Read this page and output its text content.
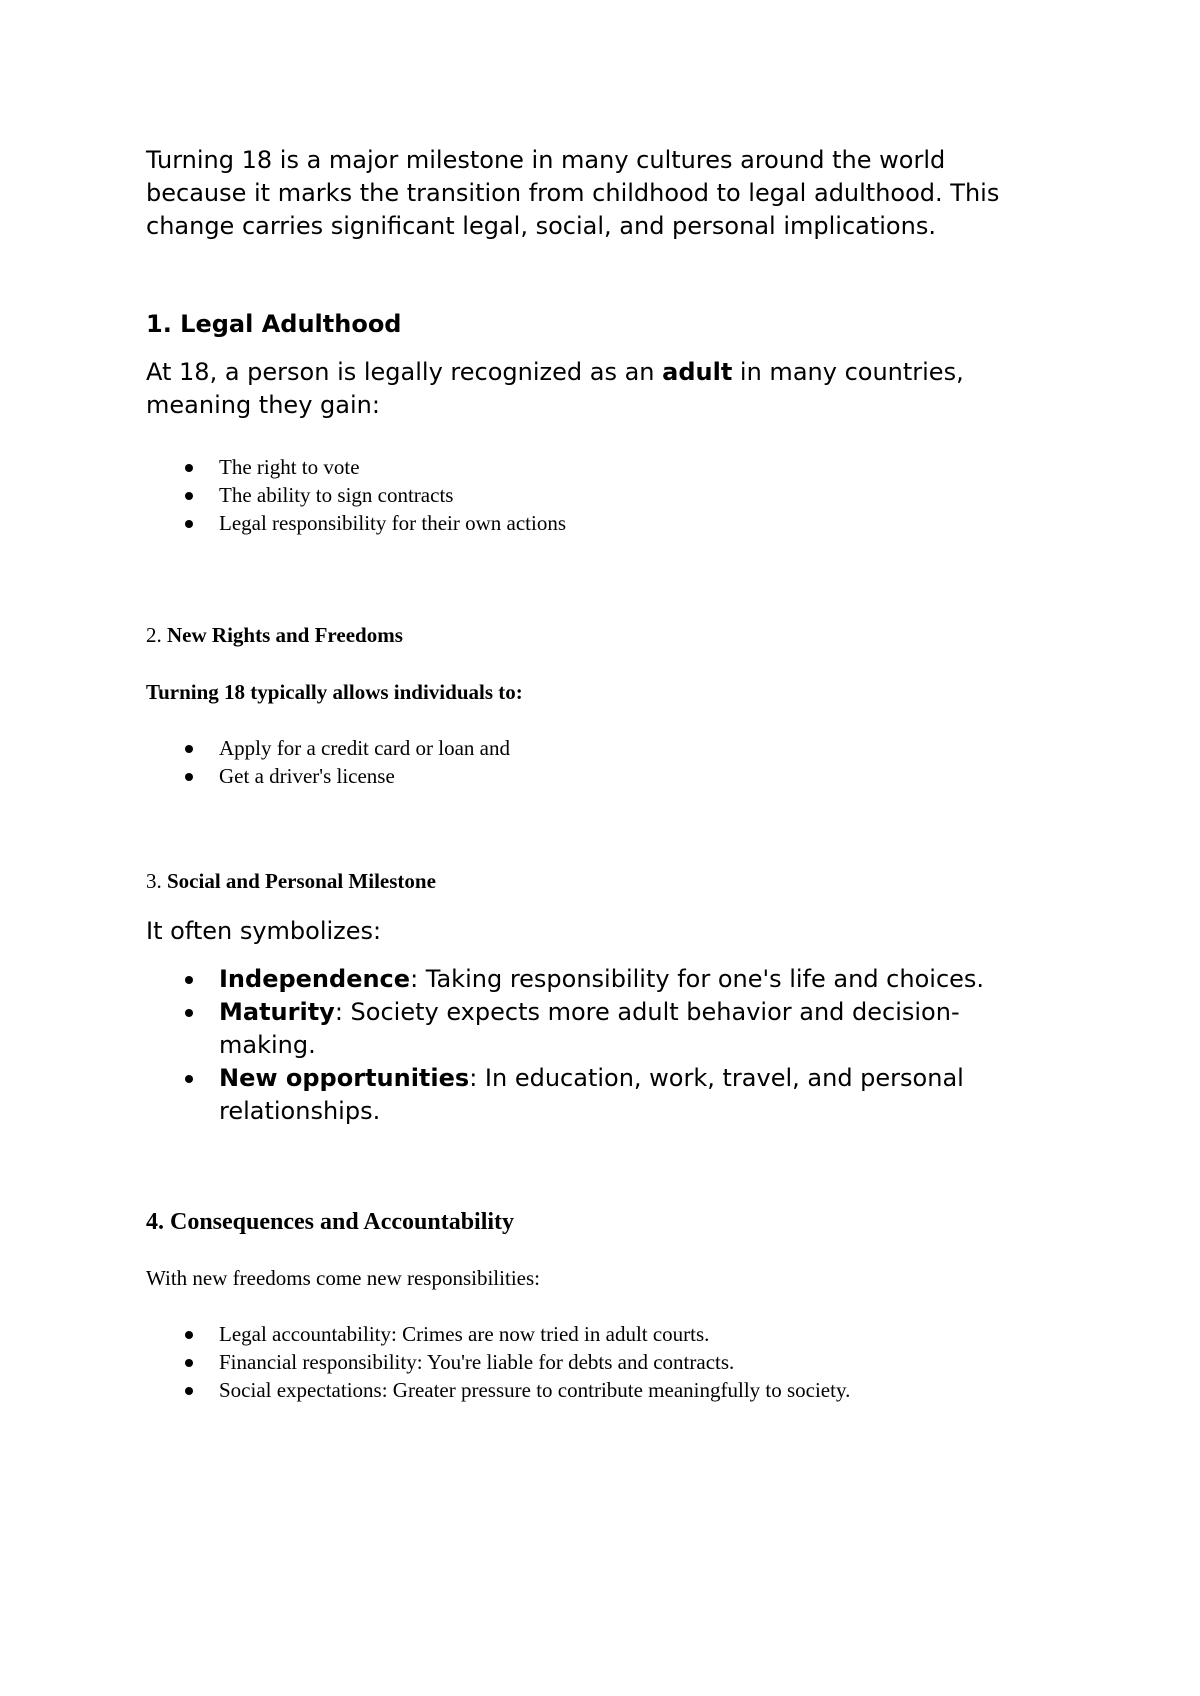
Turning 18 is a major milestone in many cultures around the world because it marks the transition from childhood to legal adulthood. This change carries significant legal, social, and personal implications.

1. Legal Adulthood

At 18, a person is legally recognized as an adult in many countries, meaning they gain:

The right to vote
The ability to sign contracts
Legal responsibility for their own actions
2. New Rights and Freedoms
Turning 18 typically allows individuals to:
Apply for a credit card or loan and
Get a driver's license
3. Social and Personal Milestone
It often symbolizes:
Independence: Taking responsibility for one's life and choices.
Maturity: Society expects more adult behavior and decision-making.
New opportunities: In education, work, travel, and personal relationships.
4. Consequences and Accountability
With new freedoms come new responsibilities:
Legal accountability: Crimes are now tried in adult courts.
Financial responsibility: You're liable for debts and contracts.
Social expectations: Greater pressure to contribute meaningfully to society.
